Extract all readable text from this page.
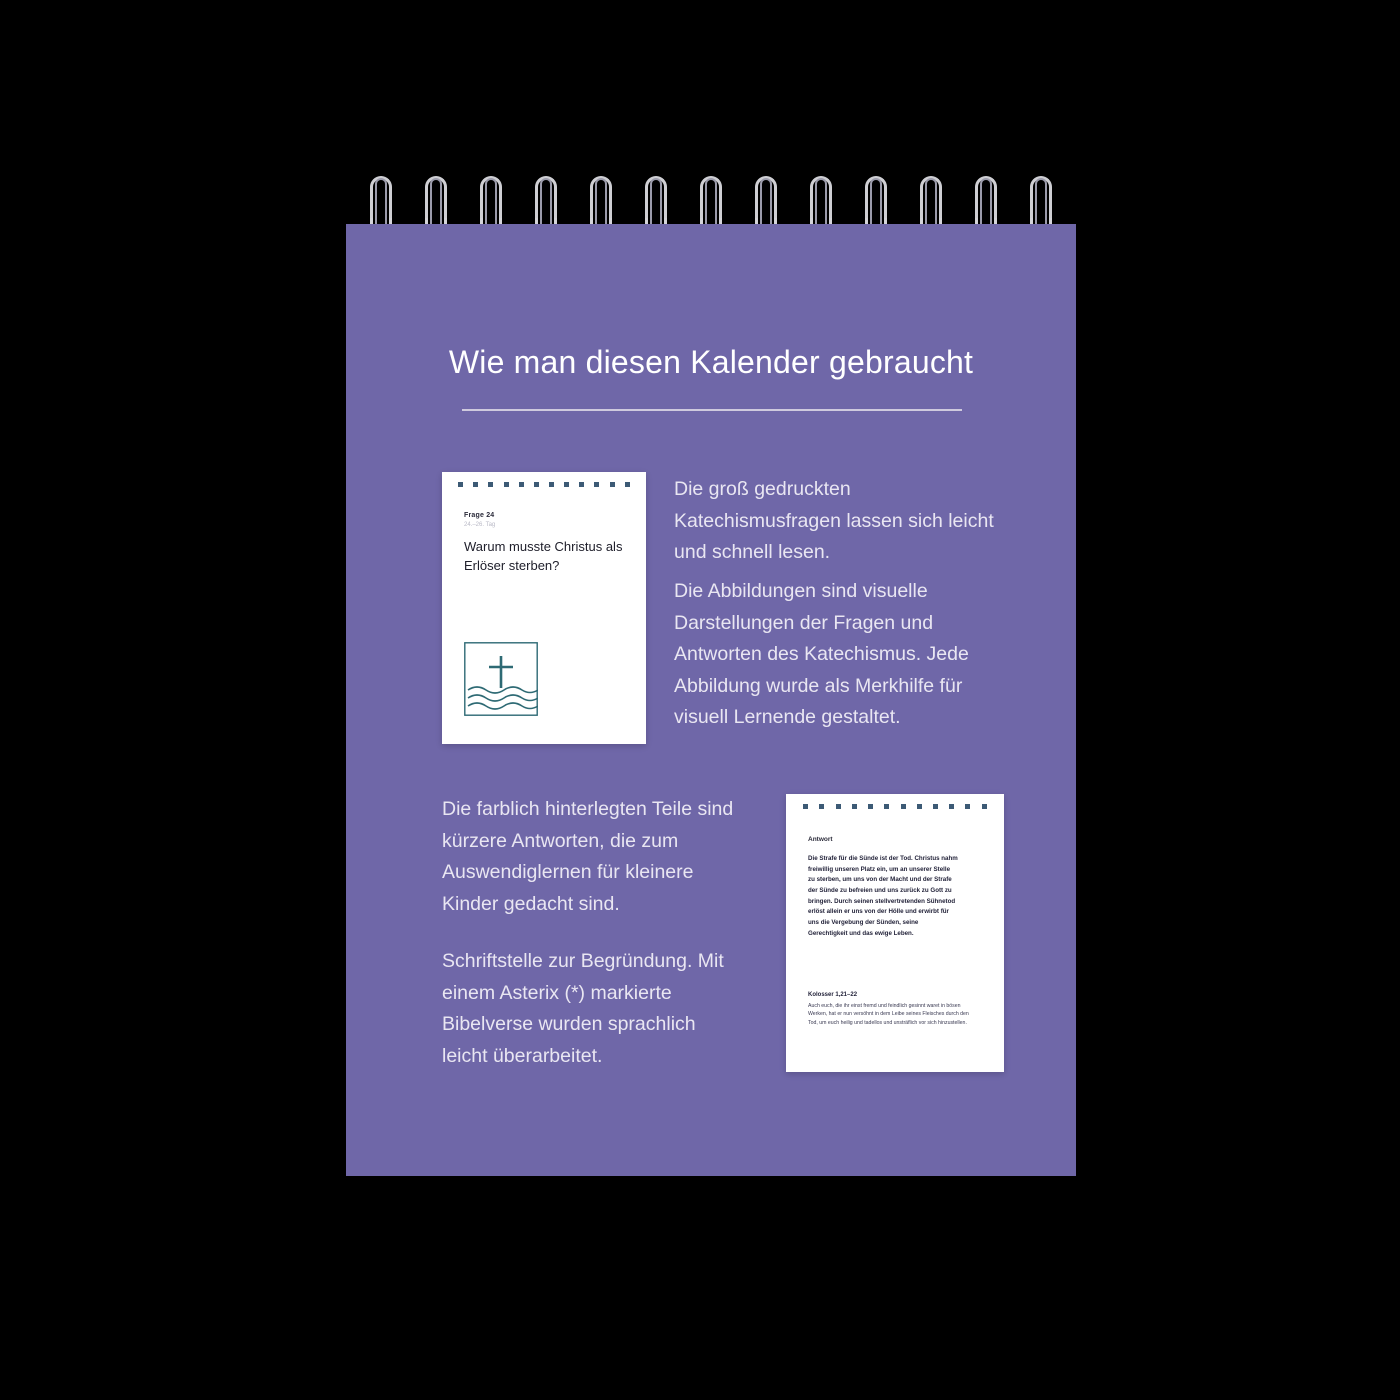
Wie man diesen Kalender gebraucht
Frage 24
24.–26. Tag
Warum musste Christus als Erlöser sterben?
Die groß gedruckten Katechismusfragen lassen sich leicht und schnell lesen.
Die Abbildungen sind visuelle Darstellungen der Fragen und Antworten des Katechismus. Jede Abbildung wurde als Merkhilfe für visuell Lernende gestaltet.
Die farblich hinterlegten Teile sind kürzere Antworten, die zum Auswendiglernen für kleinere Kinder gedacht sind.
Schriftstelle zur Begründung. Mit einem Asterix (*) markierte Bibelverse wurden sprachlich leicht überarbeitet.
Antwort
Die Strafe für die Sünde ist der Tod. Christus nahm freiwillig unseren Platz ein, um an unserer Stelle zu sterben, um uns von der Macht und der Strafe der Sünde zu befreien und uns zurück zu Gott zu bringen. Durch seinen stellvertretenden Sühnetod erlöst allein er uns von der Hölle und erwirbt für uns die Vergebung der Sünden, seine Gerechtigkeit und das ewige Leben.
Kolosser 1,21–22
Auch euch, die ihr einst fremd und feindlich gesinnt waret in bösen Werken, hat er nun versöhnt in dem Leibe seines Fleisches durch den Tod, um euch heilig und tadellos und unsträflich vor sich hinzustellen.
